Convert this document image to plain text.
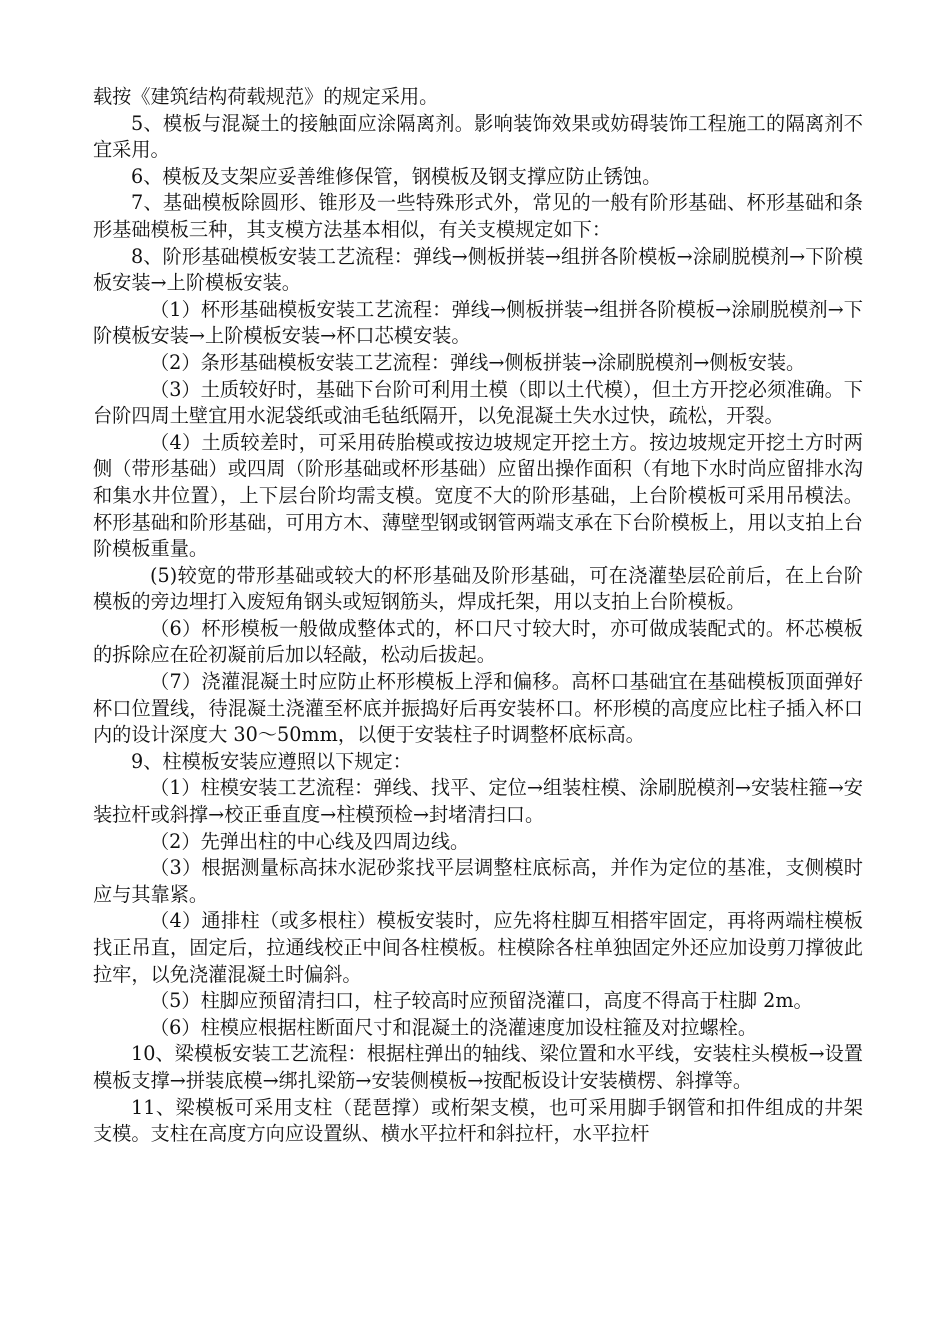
载按《建筑结构荷载规范》的规定采用。

5、模板与混凝土的接触面应涂隔离剂。影响装饰效果或妨碍装饰工程施工的隔离剂不宜采用。

6、模板及支架应妥善维修保管，钢模板及钢支撑应防止锈蚀。

7、基础模板除圆形、锥形及一些特殊形式外，常见的一般有阶形基础、杯形基础和条形基础模板三种，其支模方法基本相似，有关支模规定如下：

8、阶形基础模板安装工艺流程：弹线→侧板拼装→组拼各阶模板→涂刷脱模剂→下阶模板安装→上阶模板安装。

（1）杯形基础模板安装工艺流程：弹线→侧板拼装→组拼各阶模板→涂刷脱模剂→下阶模板安装→上阶模板安装→杯口芯模安装。

（2）条形基础模板安装工艺流程：弹线→侧板拼装→涂刷脱模剂→侧板安装。

（3）土质较好时，基础下台阶可利用土模（即以土代模），但土方开挖必须准确。下台阶四周土壁宜用水泥袋纸或油毛毡纸隔开，以免混凝土失水过快，疏松，开裂。

（4）土质较差时，可采用砖胎模或按边坡规定开挖土方。按边坡规定开挖土方时两侧（带形基础）或四周（阶形基础或杯形基础）应留出操作面积（有地下水时尚应留排水沟和集水井位置），上下层台阶均需支模。宽度不大的阶形基础，上台阶模板可采用吊模法。杯形基础和阶形基础，可用方木、薄壁型钢或钢管两端支承在下台阶模板上，用以支拍上台阶模板重量。

(5)较宽的带形基础或较大的杯形基础及阶形基础，可在浇灌垫层砼前后，在上台阶模板的旁边埋打入废短角钢头或短钢筋头，焊成托架，用以支拍上台阶模板。

（6）杯形模板一般做成整体式的，杯口尺寸较大时，亦可做成装配式的。杯芯模板的拆除应在砼初凝前后加以轻敲，松动后拔起。

（7）浇灌混凝土时应防止杯形模板上浮和偏移。高杯口基础宜在基础模板顶面弹好杯口位置线，待混凝土浇灌至杯底并振捣好后再安装杯口。杯形模的高度应比柱子插入杯口内的设计深度大 30～50mm，以便于安装柱子时调整杯底标高。

9、柱模板安装应遵照以下规定：

（1）柱模安装工艺流程：弹线、找平、定位→组装柱模、涂刷脱模剂→安装柱箍→安装拉杆或斜撑→校正垂直度→柱模预检→封堵清扫口。

（2）先弹出柱的中心线及四周边线。

（3）根据测量标高抹水泥砂浆找平层调整柱底标高，并作为定位的基准，支侧模时应与其靠紧。

（4）通排柱（或多根柱）模板安装时，应先将柱脚互相搭牢固定，再将两端柱模板找正吊直，固定后，拉通线校正中间各柱模板。柱模除各柱单独固定外还应加设剪刀撑彼此拉牢，以免浇灌混凝土时偏斜。

（5）柱脚应预留清扫口，柱子较高时应预留浇灌口，高度不得高于柱脚 2m。

（6）柱模应根据柱断面尺寸和混凝土的浇灌速度加设柱箍及对拉螺栓。

10、梁模板安装工艺流程：根据柱弹出的轴线、梁位置和水平线，安装柱头模板→设置模板支撑→拼装底模→绑扎梁筋→安装侧模板→按配板设计安装横楞、斜撑等。

11、梁模板可采用支柱（琵琶撑）或桁架支模，也可采用脚手钢管和扣件组成的井架支模。支柱在高度方向应设置纵、横水平拉杆和斜拉杆，水平拉杆
